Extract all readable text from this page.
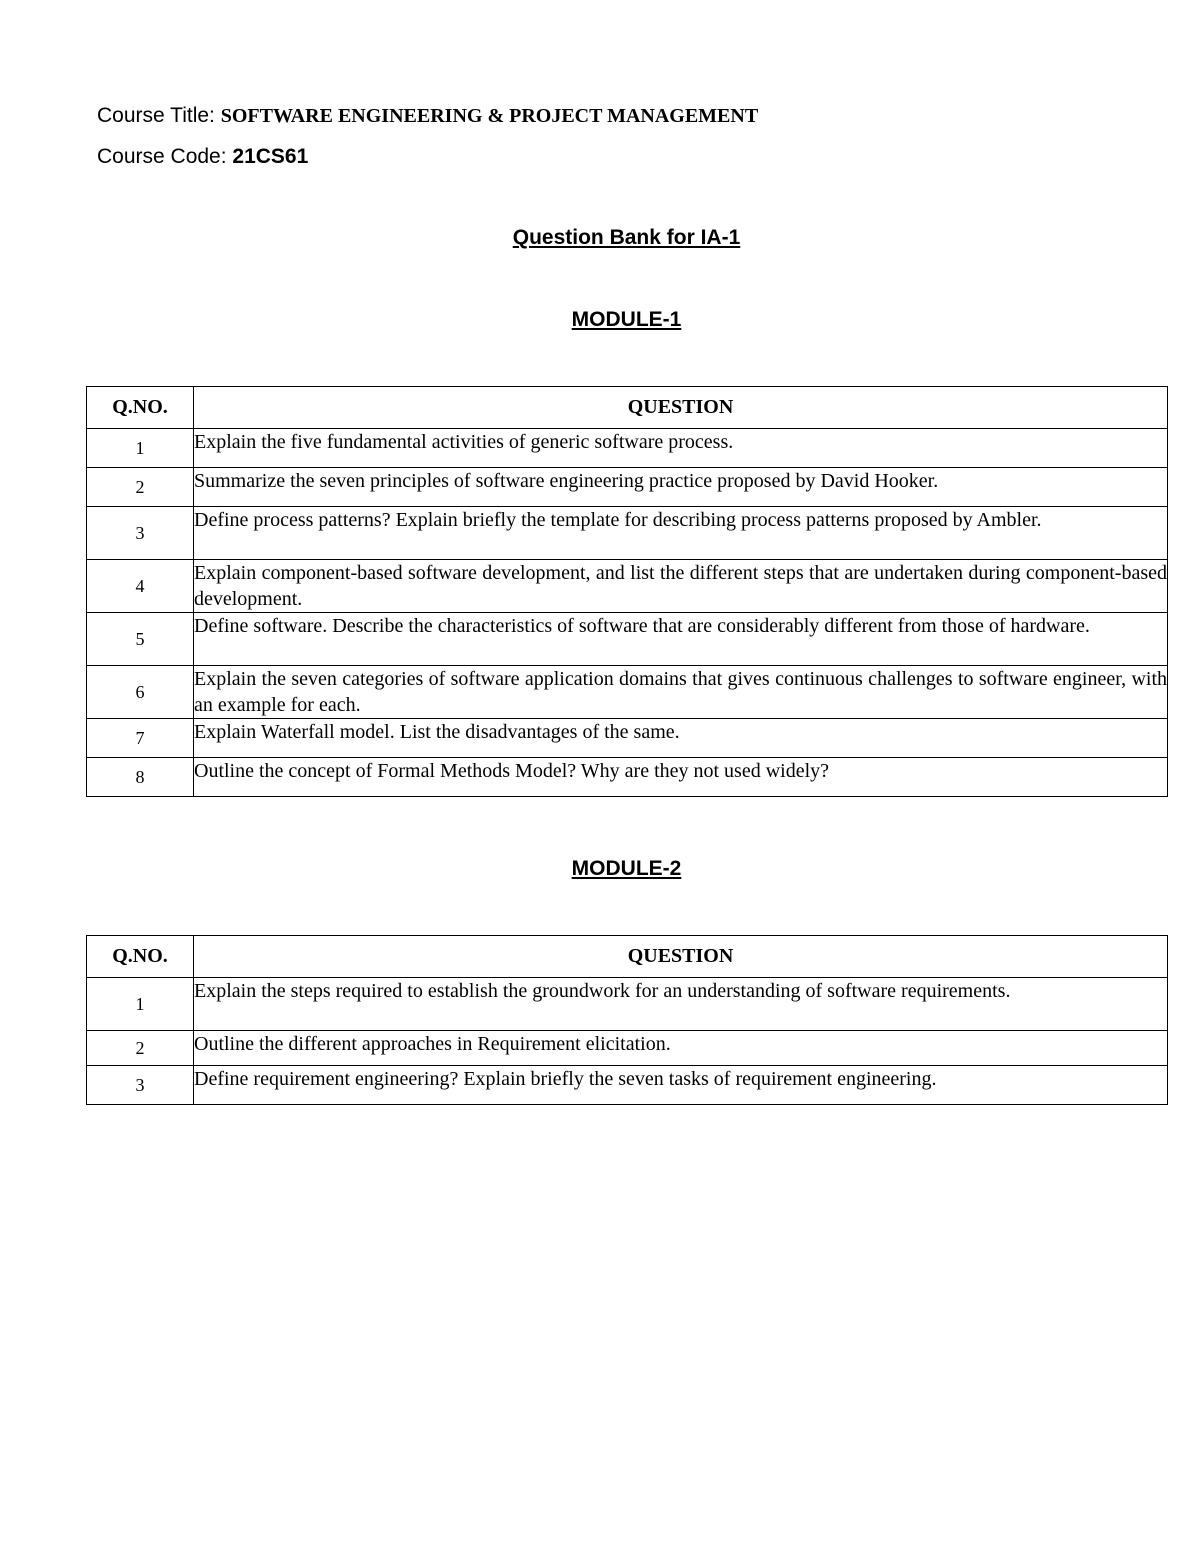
Course Title: SOFTWARE ENGINEERING & PROJECT MANAGEMENT
Course Code: 21CS61
Question Bank for IA-1
MODULE-1
Q.NO.	QUESTION
1	Explain the five fundamental activities of generic software process.
2	Summarize the seven principles of software engineering practice proposed by David Hooker.
3	Define process patterns? Explain briefly the template for describing process patterns proposed by Ambler.
4	Explain component-based software development, and list the different steps that are undertaken during component-based development.
5	Define software. Describe the characteristics of software that are considerably different from those of hardware.
6	Explain the seven categories of software application domains that gives continuous challenges to software engineer, with an example for each.
7	Explain Waterfall model. List the disadvantages of the same.
8	Outline the concept of Formal Methods Model? Why are they not used widely?
MODULE-2
Q.NO.	QUESTION
1	Explain the steps required to establish the groundwork for an understanding of software requirements.
2	Outline the different approaches in Requirement elicitation.
3	Define requirement engineering? Explain briefly the seven tasks of requirement engineering.
